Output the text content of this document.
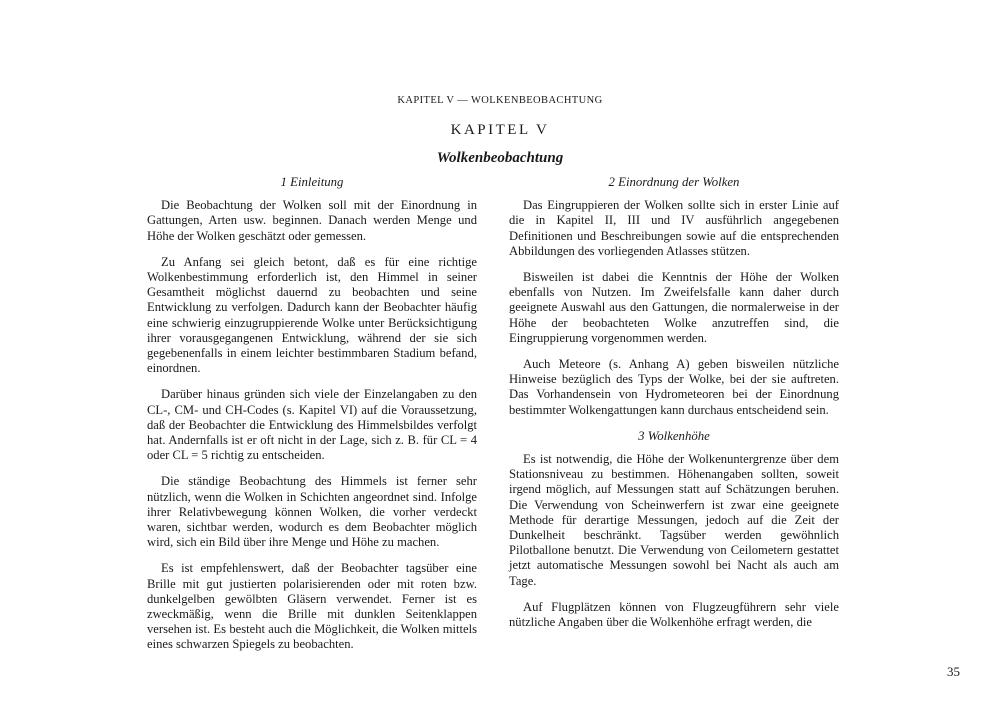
KAPITEL V — WOLKENBEOBACHTUNG
KAPITEL V
Wolkenbeobachtung
1 Einleitung

Die Beobachtung der Wolken soll mit der Einordnung in Gattungen, Arten usw. beginnen. Danach werden Menge und Höhe der Wolken geschätzt oder gemessen.

Zu Anfang sei gleich betont, daß es für eine richtige Wolkenbestimmung erforderlich ist, den Himmel in seiner Gesamtheit möglichst dauernd zu beobachten und seine Entwicklung zu verfolgen. Dadurch kann der Beobachter häufig eine schwierig einzugruppierende Wolke unter Berücksichtigung ihrer vorausgegangenen Entwicklung, während der sie sich gegebenenfalls in einem leichter bestimmbaren Stadium befand, einordnen.

Darüber hinaus gründen sich viele der Einzelangaben zu den CL-, CM- und CH-Codes (s. Kapitel VI) auf die Voraussetzung, daß der Beobachter die Entwicklung des Himmelsbildes verfolgt hat. Andernfalls ist er oft nicht in der Lage, sich z. B. für CL = 4 oder CL = 5 richtig zu entscheiden.

Die ständige Beobachtung des Himmels ist ferner sehr nützlich, wenn die Wolken in Schichten angeordnet sind. Infolge ihrer Relativbewegung können Wolken, die vorher verdeckt waren, sichtbar werden, wodurch es dem Beobachter möglich wird, sich ein Bild über ihre Menge und Höhe zu machen.

Es ist empfehlenswert, daß der Beobachter tagsüber eine Brille mit gut justierten polarisierenden oder mit roten bzw. dunkelgelben gewölbten Gläsern verwendet. Ferner ist es zweckmäßig, wenn die Brille mit dunklen Seitenklappen versehen ist. Es besteht auch die Möglichkeit, die Wolken mittels eines schwarzen Spiegels zu beobachten.

2 Einordnung der Wolken

Das Eingruppieren der Wolken sollte sich in erster Linie auf die in Kapitel II, III und IV ausführlich angegebenen Definitionen und Beschreibungen sowie auf die entsprechenden Abbildungen des vorliegenden Atlasses stützen.

Bisweilen ist dabei die Kenntnis der Höhe der Wolken ebenfalls von Nutzen. Im Zweifelsfalle kann daher durch geeignete Auswahl aus den Gattungen, die normalerweise in der Höhe der beobachteten Wolke anzutreffen sind, die Eingruppierung vorgenommen werden.

Auch Meteore (s. Anhang A) geben bisweilen nützliche Hinweise bezüglich des Typs der Wolke, bei der sie auftreten. Das Vorhandensein von Hydrometeoren bei der Einordnung bestimmter Wolkengattungen kann durchaus entscheidend sein.

3 Wolkenhöhe

Es ist notwendig, die Höhe der Wolkenuntergrenze über dem Stationsniveau zu bestimmen. Höhenangaben sollten, soweit irgend möglich, auf Messungen statt auf Schätzungen beruhen. Die Verwendung von Scheinwerfern ist zwar eine geeignete Methode für derartige Messungen, jedoch auf die Zeit der Dunkelheit beschränkt. Tagsüber werden gewöhnlich Pilotballone benutzt. Die Verwendung von Ceilometern gestattet jetzt automatische Messungen sowohl bei Nacht als auch am Tage.

Auf Flugplätzen können von Flugzeugführern sehr viele nützliche Angaben über die Wolkenhöhe erfragt werden, die

35
